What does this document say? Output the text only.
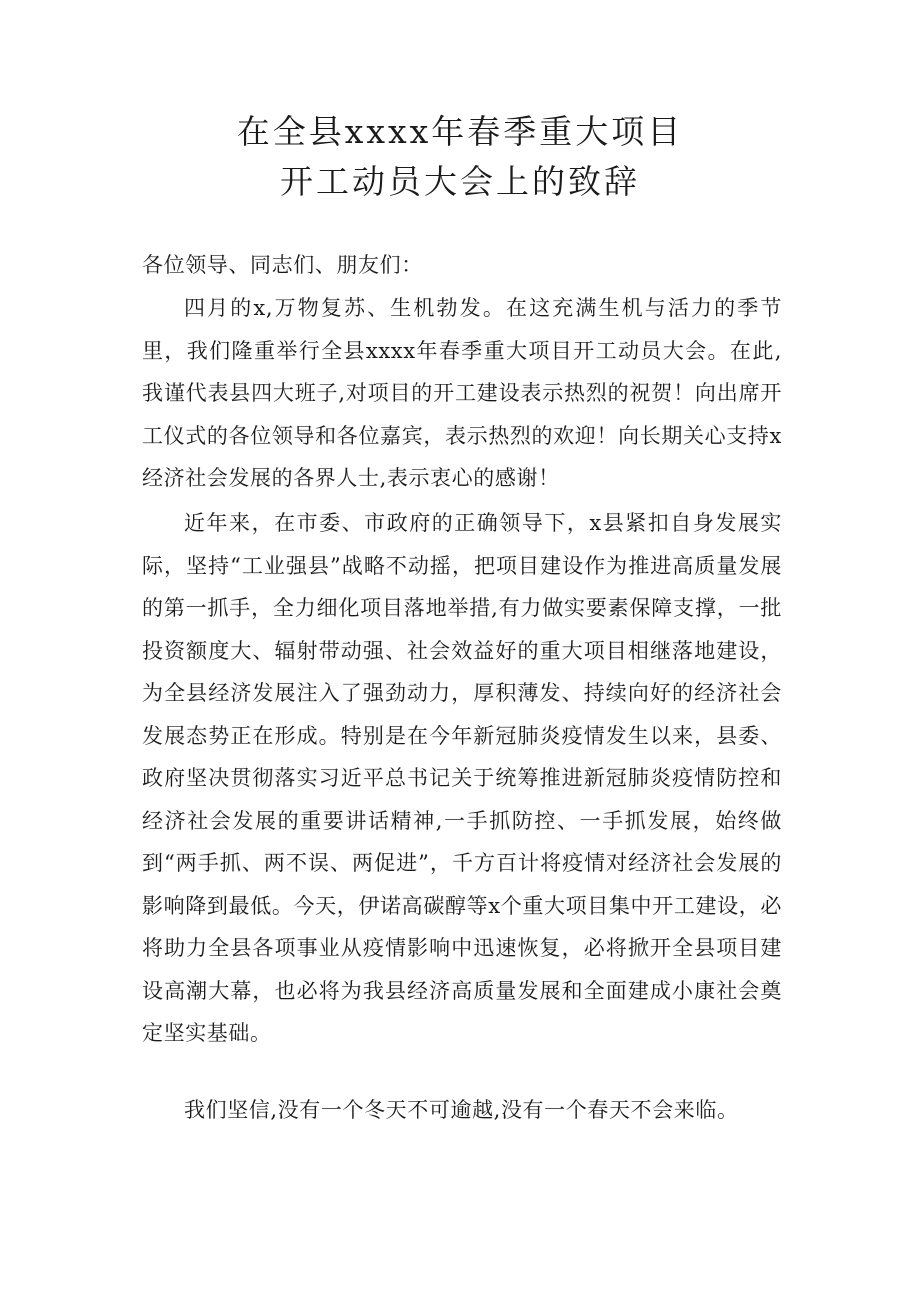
在全县xxxx年春季重大项目
开工动员大会上的致辞
各位领导、同志们、朋友们：
四月的x,万物复苏、生机勃发。在这充满生机与活力的季节里，我们隆重举行全县xxxx年春季重大项目开工动员大会。在此,我谨代表县四大班子,对项目的开工建设表示热烈的祝贺！向出席开工仪式的各位领导和各位嘉宾，表示热烈的欢迎！向长期关心支持x经济社会发展的各界人士,表示衷心的感谢！
近年来，在市委、市政府的正确领导下，x县紧扣自身发展实际，坚持“工业强县”战略不动摇，把项目建设作为推进高质量发展的第一抓手，全力细化项目落地举措,有力做实要素保障支撑，一批投资额度大、辐射带动强、社会效益好的重大项目相继落地建设，为全县经济发展注入了强劲动力，厚积薄发、持续向好的经济社会发展态势正在形成。特别是在今年新冠肺炎疫情发生以来，县委、政府坚决贯彻落实习近平总书记关于统筹推进新冠肺炎疫情防控和经济社会发展的重要讲话精神,一手抓防控、一手抓发展，始终做到“两手抓、两不误、两促进”，千方百计将疫情对经济社会发展的影响降到最低。今天，伊诺高碳醇等x个重大项目集中开工建设，必将助力全县各项事业从疫情影响中迅速恢复，必将掀开全县项目建设高潮大幕，也必将为我县经济高质量发展和全面建成小康社会奠定坚实基础。
我们坚信,没有一个冬天不可逾越,没有一个春天不会来临。
